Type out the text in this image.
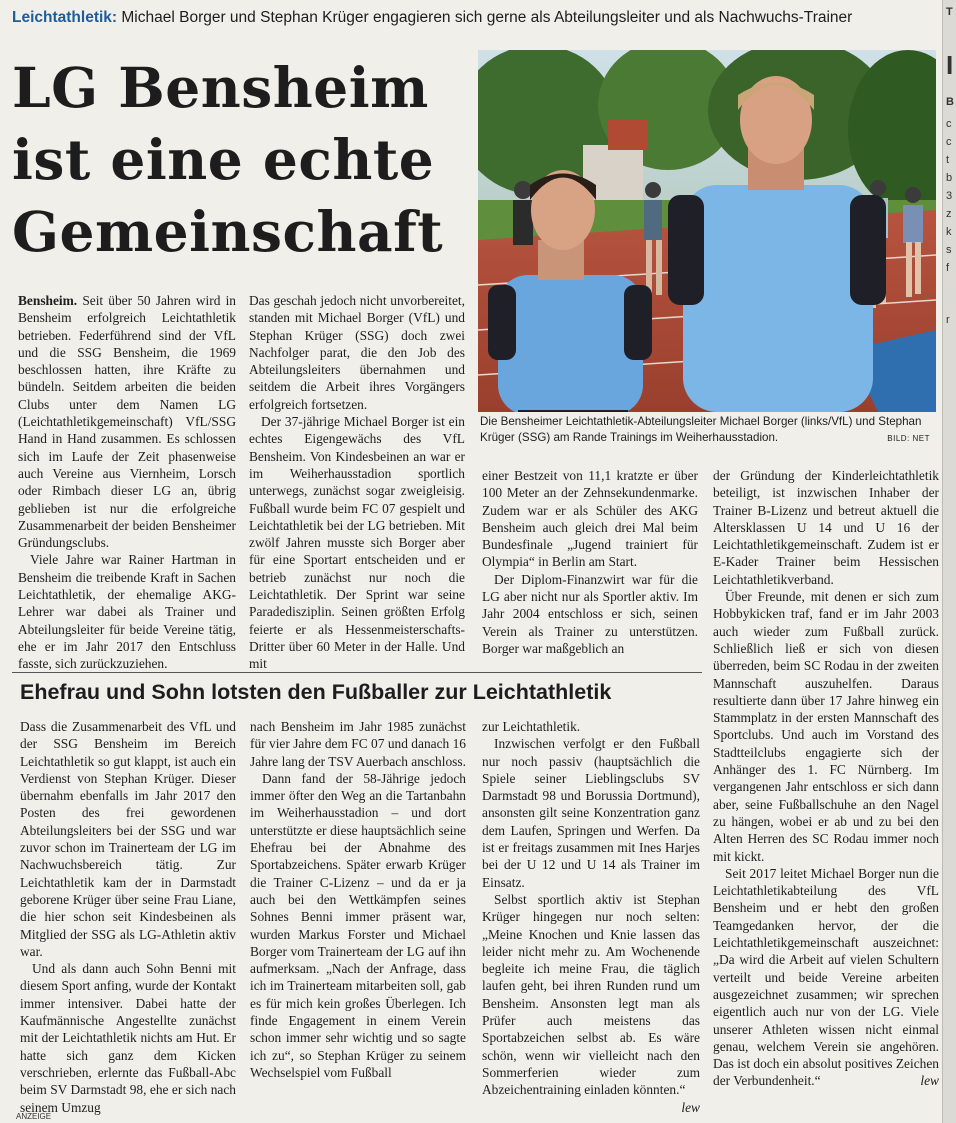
Leichtathletik: Michael Borger und Stephan Krüger engagieren sich gerne als Abteilungsleiter und als Nachwuchs-Trainer
LG Bensheim
ist eine echte
Gemeinschaft
Die Bensheimer Leichtathletik-Abteilungsleiter Michael Borger (links/VfL) und Stephan Krüger (SSG) am Rande Trainings im Weiherhausstadion.	BILD: NET

Bensheim. Seit über 50 Jahren wird in Bensheim erfolgreich Leichtathletik betrieben. Federführend sind der VfL und die SSG Bensheim, die 1969 beschlossen hatten, ihre Kräfte zu bündeln. Seitdem arbeiten die beiden Clubs unter dem Namen LG (Leichtathletikgemeinschaft) VfL/SSG Hand in Hand zusammen. Es schlossen sich im Laufe der Zeit phasenweise auch Vereine aus Viernheim, Lorsch oder Rimbach dieser LG an, übrig geblieben ist nur die erfolgreiche Zusammenarbeit der beiden Bensheimer Gründungsclubs.

Viele Jahre war Rainer Hartman in Bensheim die treibende Kraft in Sachen Leichtathletik, der ehemalige AKG-Lehrer war dabei als Trainer und Abteilungsleiter für beide Vereine tätig, ehe er im Jahr 2017 den Entschluss fasste, sich zurückzuziehen.

Das geschah jedoch nicht unvorbereitet, standen mit Michael Borger (VfL) und Stephan Krüger (SSG) doch zwei Nachfolger parat, die den Job des Abteilungsleiters übernahmen und seitdem die Arbeit ihres Vorgängers erfolgreich fortsetzen.

Der 37-jährige Michael Borger ist ein echtes Eigengewächs des VfL Bensheim. Von Kindesbeinen an war er im Weiherhausstadion sportlich unterwegs, zunächst sogar zweigleisig. Fußball wurde beim FC 07 gespielt und Leichtathletik bei der LG betrieben. Mit zwölf Jahren musste sich Borger aber für eine Sportart entscheiden und er betrieb zunächst nur noch die Leichtathletik. Der Sprint war seine Paradedisziplin. Seinen größten Erfolg feierte er als Hessenmeisterschafts-Dritter über 60 Meter in der Halle. Und mit

einer Bestzeit von 11,1 kratzte er über 100 Meter an der Zehnsekundenmarke. Zudem war er als Schüler des AKG Bensheim auch gleich drei Mal beim Bundesfinale „Jugend trainiert für Olympia“ in Berlin am Start.

Der Diplom-Finanzwirt war für die LG aber nicht nur als Sportler aktiv. Im Jahr 2004 entschloss er sich, seinen Verein als Trainer zu unterstützen. Borger war maßgeblich an

der Gründung der Kinderleichtathletik beteiligt, ist inzwischen Inhaber der Trainer B-Lizenz und betreut aktuell die Altersklassen U 14 und U 16 der Leichtathletikgemeinschaft. Zudem ist er E-Kader Trainer beim Hessischen Leichtathletikverband.

Über Freunde, mit denen er sich zum Hobbykicken traf, fand er im Jahr 2003 auch wieder zum Fußball zurück. Schließlich ließ er sich von diesen überreden, beim SC Rodau in der zweiten Mannschaft auszuhelfen. Daraus resultierte dann über 17 Jahre hinweg ein Stammplatz in der ersten Mannschaft des Sportclubs. Und auch im Vorstand des Stadtteilclubs engagierte sich der Anhänger des 1. FC Nürnberg. Im vergangenen Jahr entschloss er sich dann aber, seine Fußballschuhe an den Nagel zu hängen, wobei er ab und zu bei den Alten Herren des SC Rodau immer noch mit kickt.

Seit 2017 leitet Michael Borger nun die Leichtathletikabteilung des VfL Bensheim und er hebt den großen Teamgedanken hervor, der die Leichtathletikgemeinschaft auszeichnet: „Da wird die Arbeit auf vielen Schultern verteilt und beide Vereine arbeiten ausgezeichnet zusammen; wir sprechen eigentlich auch nur von der LG. Viele unserer Athleten wissen nicht einmal genau, welchem Verein sie angehören. Das ist doch ein absolut positives Zeichen der Verbundenheit.“	lew

Ehefrau und Sohn lotsten den Fußballer zur Leichtathletik

Dass die Zusammenarbeit des VfL und der SSG Bensheim im Bereich Leichtathletik so gut klappt, ist auch ein Verdienst von Stephan Krüger. Dieser übernahm ebenfalls im Jahr 2017 den Posten des frei gewordenen Abteilungsleiters bei der SSG und war zuvor schon im Trainerteam der LG im Nachwuchsbereich tätig. Zur Leichtathletik kam der in Darmstadt geborene Krüger über seine Frau Liane, die hier schon seit Kindesbeinen als Mitglied der SSG als LG-Athletin aktiv war.

Und als dann auch Sohn Benni mit diesem Sport anfing, wurde der Kontakt immer intensiver. Dabei hatte der Kaufmännische Angestellte zunächst mit der Leichtathletik nichts am Hut. Er hatte sich ganz dem Kicken verschrieben, erlernte das Fußball-Abc beim SV Darmstadt 98, ehe er sich nach seinem Umzug

nach Bensheim im Jahr 1985 zunächst für vier Jahre dem FC 07 und danach 16 Jahre lang der TSV Auerbach anschloss.

Dann fand der 58-Jährige jedoch immer öfter den Weg an die Tartanbahn im Weiherhausstadion – und dort unterstützte er diese hauptsächlich seine Ehefrau bei der Abnahme des Sportabzeichens. Später erwarb Krüger die Trainer C-Lizenz – und da er ja auch bei den Wettkämpfen seines Sohnes Benni immer präsent war, wurden Markus Forster und Michael Borger vom Trainerteam der LG auf ihn aufmerksam. „Nach der Anfrage, dass ich im Trainerteam mitarbeiten soll, gab es für mich kein großes Überlegen. Ich finde Engagement in einem Verein schon immer sehr wichtig und so sagte ich zu“, so Stephan Krüger zu seinem Wechselspiel vom Fußball

zur Leichtathletik.

Inzwischen verfolgt er den Fußball nur noch passiv (hauptsächlich die Spiele seiner Lieblingsclubs SV Darmstadt 98 und Borussia Dortmund), ansonsten gilt seine Konzentration ganz dem Laufen, Springen und Werfen. Da ist er freitags zusammen mit Ines Harjes bei der U 12 und U 14 als Trainer im Einsatz.

Selbst sportlich aktiv ist Stephan Krüger hingegen nur noch selten: „Meine Knochen und Knie lassen das leider nicht mehr zu. Am Wochenende begleite ich meine Frau, die täglich laufen geht, bei ihren Runden rund um Bensheim. Ansonsten legt man als Prüfer auch meistens das Sportabzeichen selbst ab. Es wäre schön, wenn wir vielleicht nach den Sommerferien wieder zum Abzeichentraining einladen könnten.“
lew

ANZEIGE
T
I
B
c
c
t
b
3
z
k
s
f
r
